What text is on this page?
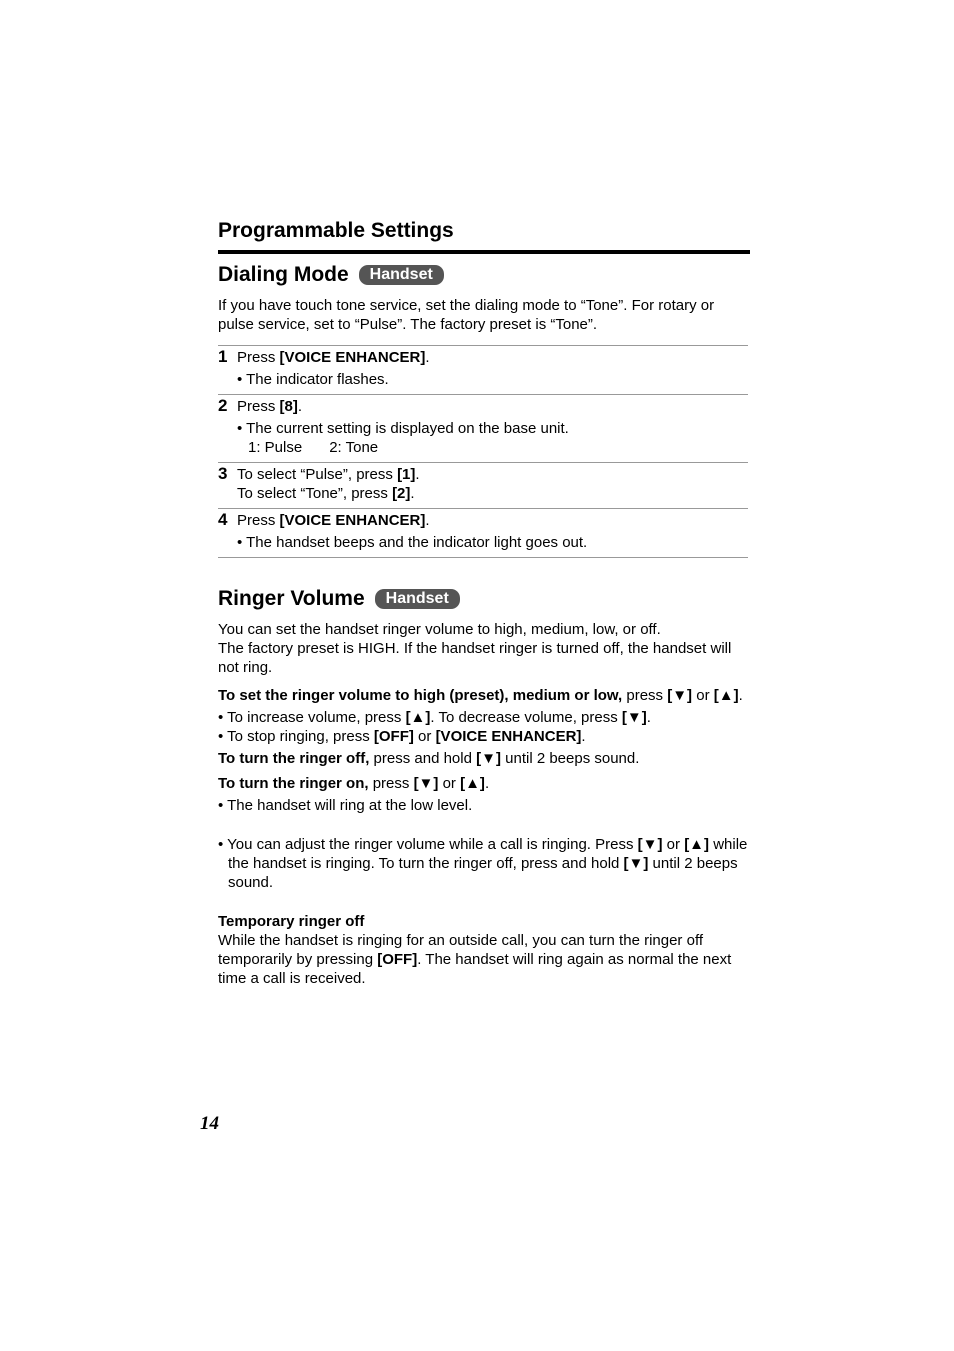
Programmable Settings
Dialing Mode	Handset

If you have touch tone service, set the dialing mode to “Tone”. For rotary or pulse service, set to “Pulse”. The factory preset is “Tone”.

1 Press [VOICE ENHANCER].

• The indicator flashes.

2 Press [8].

• The current setting is displayed on the base unit.

1: Pulse 2: Tone

3 To select “Pulse”, press [1].

To select “Tone”, press [2].

4 Press [VOICE ENHANCER].

• The handset beeps and the indicator light goes out.

Ringer Volume	Handset

You can set the handset ringer volume to high, medium, low, or off.

The factory preset is HIGH. If the handset ringer is turned off, the handset will not ring.

To set the ringer volume to high (preset), medium or low, press [▼] or [▲].

• To increase volume, press [▲]. To decrease volume, press [▼].

• To stop ringing, press [OFF] or [VOICE ENHANCER].

To turn the ringer off, press and hold [▼] until 2 beeps sound.

To turn the ringer on, press [▼] or [▲].

• The handset will ring at the low level.

• You can adjust the ringer volume while a call is ringing. Press [▼] or [▲] while the handset is ringing. To turn the ringer off, press and hold [▼] until 2 beeps sound.

Temporary ringer off

While the handset is ringing for an outside call, you can turn the ringer off temporarily by pressing [OFF]. The handset will ring again as normal the next time a call is received.

14
